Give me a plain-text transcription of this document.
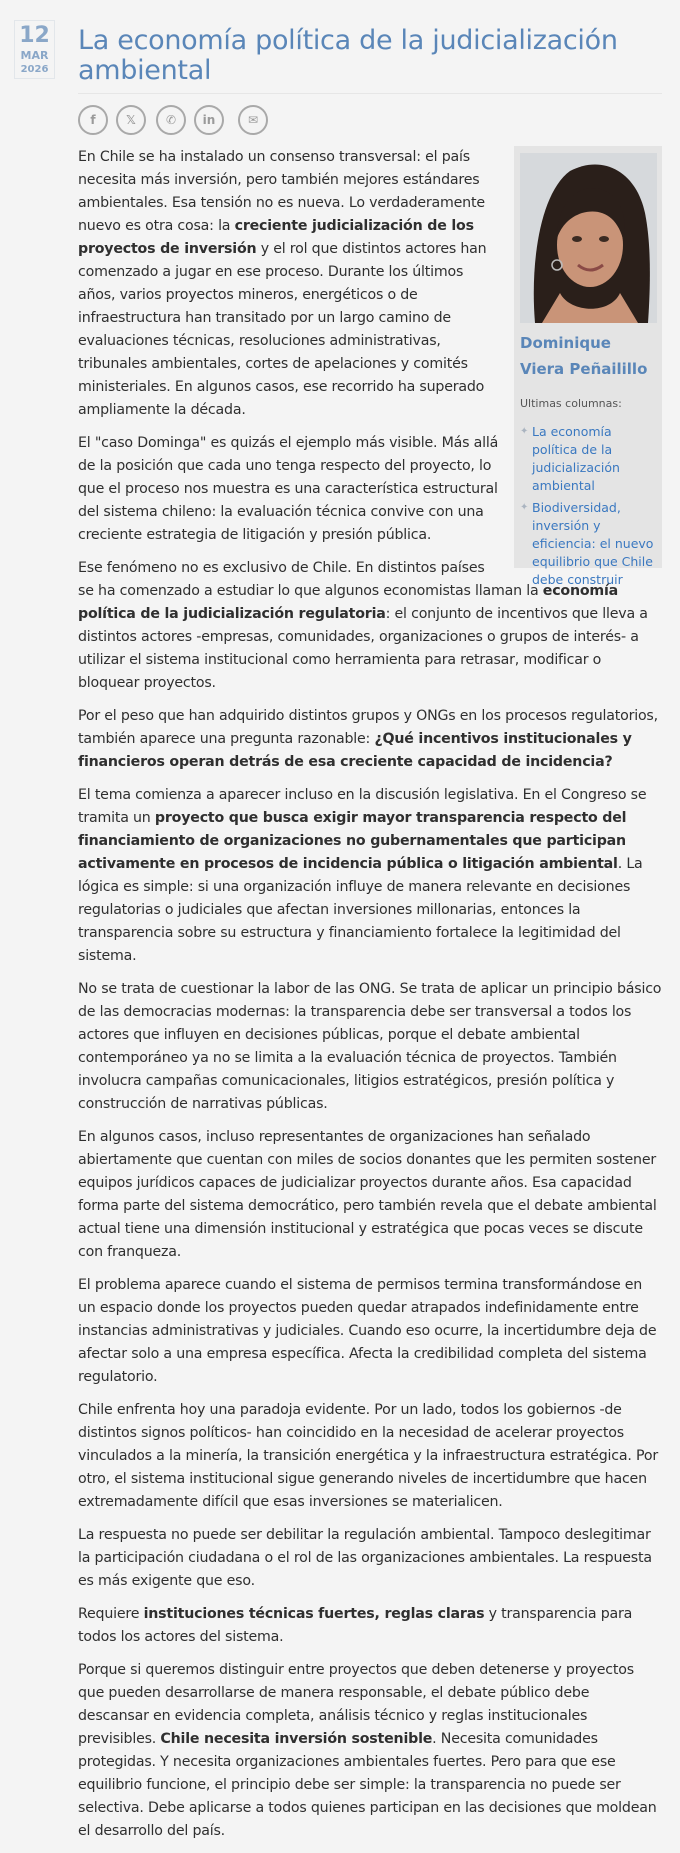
12
MAR
2026
La economía política de la judicialización ambiental
f	𝕏	✆ in	✉
Dominique Viera Peñailillo
Ultimas columnas:
✦ La economía política de la judicialización ambiental
✦ Biodiversidad, inversión y eficiencia: el nuevo equilibrio que Chile debe construir

En Chile se ha instalado un consenso transversal: el país necesita más inversión, pero también mejores estándares ambientales. Esa tensión no es nueva. Lo verdaderamente nuevo es otra cosa: la creciente judicialización de los proyectos de inversión y el rol que distintos actores han comenzado a jugar en ese proceso. Durante los últimos años, varios proyectos mineros, energéticos o de infraestructura han transitado por un largo camino de evaluaciones técnicas, resoluciones administrativas, tribunales ambientales, cortes de apelaciones y comités ministeriales. En algunos casos, ese recorrido ha superado ampliamente la década.

El "caso Dominga" es quizás el ejemplo más visible. Más allá de la posición que cada uno tenga respecto del proyecto, lo que el proceso nos muestra es una característica estructural del sistema chileno: la evaluación técnica convive con una creciente estrategia de litigación y presión pública.

Ese fenómeno no es exclusivo de Chile. En distintos países se ha comenzado a estudiar lo que algunos economistas llaman la economía política de la judicialización regulatoria: el conjunto de incentivos que lleva a distintos actores -empresas, comunidades, organizaciones o grupos de interés- a utilizar el sistema institucional como herramienta para retrasar, modificar o bloquear proyectos.

Por el peso que han adquirido distintos grupos y ONGs en los procesos regulatorios, también aparece una pregunta razonable: ¿Qué incentivos institucionales y financieros operan detrás de esa creciente capacidad de incidencia?

El tema comienza a aparecer incluso en la discusión legislativa. En el Congreso se tramita un proyecto que busca exigir mayor transparencia respecto del financiamiento de organizaciones no gubernamentales que participan activamente en procesos de incidencia pública o litigación ambiental. La lógica es simple: si una organización influye de manera relevante en decisiones regulatorias o judiciales que afectan inversiones millonarias, entonces la transparencia sobre su estructura y financiamiento fortalece la legitimidad del sistema.

No se trata de cuestionar la labor de las ONG. Se trata de aplicar un principio básico de las democracias modernas: la transparencia debe ser transversal a todos los actores que influyen en decisiones públicas, porque el debate ambiental contemporáneo ya no se limita a la evaluación técnica de proyectos. También involucra campañas comunicacionales, litigios estratégicos, presión política y construcción de narrativas públicas.

En algunos casos, incluso representantes de organizaciones han señalado abiertamente que cuentan con miles de socios donantes que les permiten sostener equipos jurídicos capaces de judicializar proyectos durante años. Esa capacidad forma parte del sistema democrático, pero también revela que el debate ambiental actual tiene una dimensión institucional y estratégica que pocas veces se discute con franqueza.

El problema aparece cuando el sistema de permisos termina transformándose en un espacio donde los proyectos pueden quedar atrapados indefinidamente entre instancias administrativas y judiciales. Cuando eso ocurre, la incertidumbre deja de afectar solo a una empresa específica. Afecta la credibilidad completa del sistema regulatorio.

Chile enfrenta hoy una paradoja evidente. Por un lado, todos los gobiernos -de distintos signos políticos- han coincidido en la necesidad de acelerar proyectos vinculados a la minería, la transición energética y la infraestructura estratégica. Por otro, el sistema institucional sigue generando niveles de incertidumbre que hacen extremadamente difícil que esas inversiones se materialicen.

La respuesta no puede ser debilitar la regulación ambiental. Tampoco deslegitimar la participación ciudadana o el rol de las organizaciones ambientales. La respuesta es más exigente que eso.

Requiere instituciones técnicas fuertes, reglas claras y transparencia para todos los actores del sistema.

Porque si queremos distinguir entre proyectos que deben detenerse y proyectos que pueden desarrollarse de manera responsable, el debate público debe descansar en evidencia completa, análisis técnico y reglas institucionales previsibles. Chile necesita inversión sostenible. Necesita comunidades protegidas. Y necesita organizaciones ambientales fuertes. Pero para que ese equilibrio funcione, el principio debe ser simple: la transparencia no puede ser selectiva. Debe aplicarse a todos quienes participan en las decisiones que moldean el desarrollo del país.
